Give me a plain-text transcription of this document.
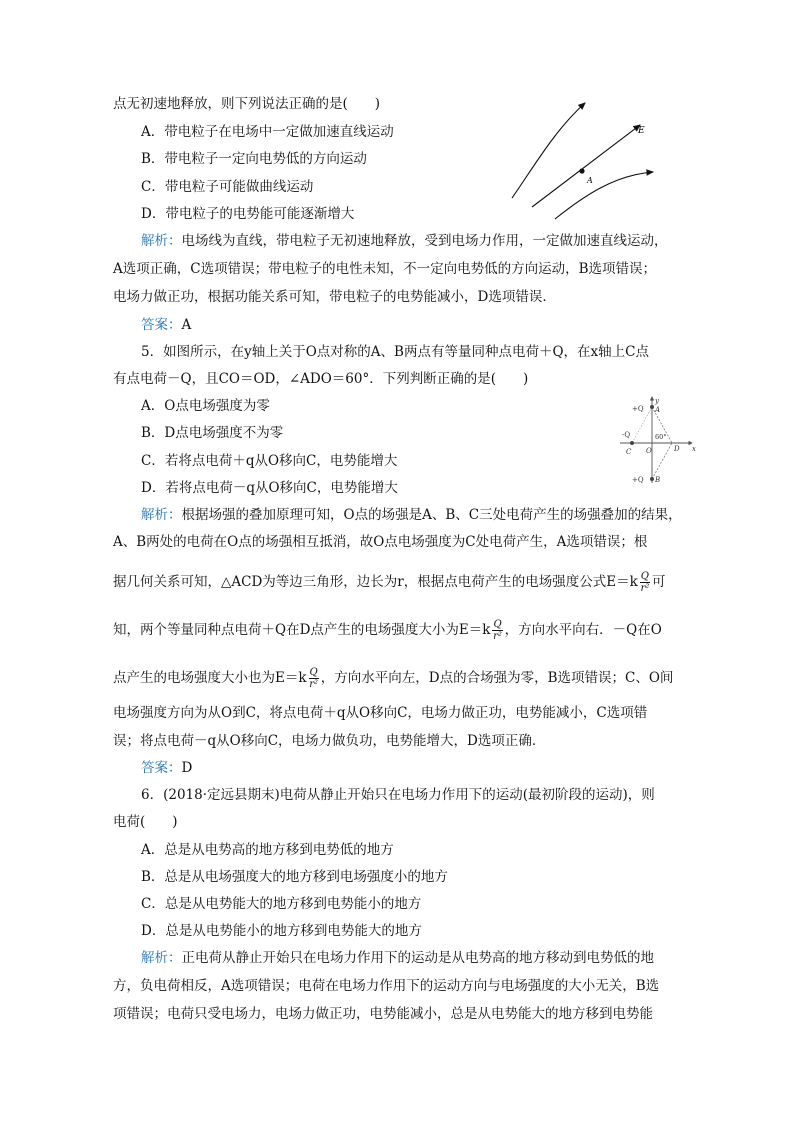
点无初速地释放，则下列说法正确的是(　　)
A．带电粒子在电场中一定做加速直线运动
B．带电粒子一定向电势低的方向运动
C．带电粒子可能做曲线运动
D．带电粒子的电势能可能逐渐增大
E
A
解析：电场线为直线，带电粒子无初速地释放，受到电场力作用，一定做加速直线运动，
A选项正确，C选项错误；带电粒子的电性未知，不一定向电势低的方向运动，B选项错误；
电场力做正功，根据功能关系可知，带电粒子的电势能减小，D选项错误．
答案：A
5．如图所示，在y轴上关于O点对称的A、B两点有等量同种点电荷＋Q，在x轴上C点
有点电荷－Q，且CO＝OD，∠ADO＝60°．下列判断正确的是(　　)
A．O点电场强度为零
B．D点电场强度不为零
C．若将点电荷＋q从O移向C，电势能增大
D．若将点电荷－q从O移向C，电势能增大
y
x
+Q A
-Q	60°
C O	D
+Q B
解析：根据场强的叠加原理可知，O点的场强是A、B、C三处电荷产生的场强叠加的结果，
A、B两处的电荷在O点的场强相互抵消，故O点电场强度为C处电荷产生，A选项错误；根
据几何关系可知，△ACD为等边三角形，边长为r，根据点电荷产生的电场强度公式$E=k \frac{Q}{\text{r²}}$ 可
知，两个等量同种点电荷＋Q在D点产生的电场强度大小为$E=k \frac{Q}{\text{r²}}$ ，方向水平向右．－Q在O
点产生的电场强度大小也为$E=k \frac{Q}{\text{r²}}$ ，方向水平向左，D点的合场强为零，B选项错误；C、O间
电场强度方向为从O到C，将点电荷＋q从O移向C，电场力做正功，电势能减小，C选项错
误；将点电荷－q从O移向C，电场力做负功，电势能增大，D选项正确．
答案：D
6．(2018·定远县期末)电荷从静止开始只在电场力作用下的运动(最初阶段的运动)，则
电荷(　　)
A．总是从电势高的地方移到电势低的地方
B．总是从电场强度大的地方移到电场强度小的地方
C．总是从电势能大的地方移到电势能小的地方
D．总是从电势能小的地方移到电势能大的地方
解析：正电荷从静止开始只在电场力作用下的运动是从电势高的地方移动到电势低的地
方，负电荷相反，A选项错误；电荷在电场力作用下的运动方向与电场强度的大小无关，B选
项错误；电荷只受电场力，电场力做正功，电势能减小，总是从电势能大的地方移到电势能
